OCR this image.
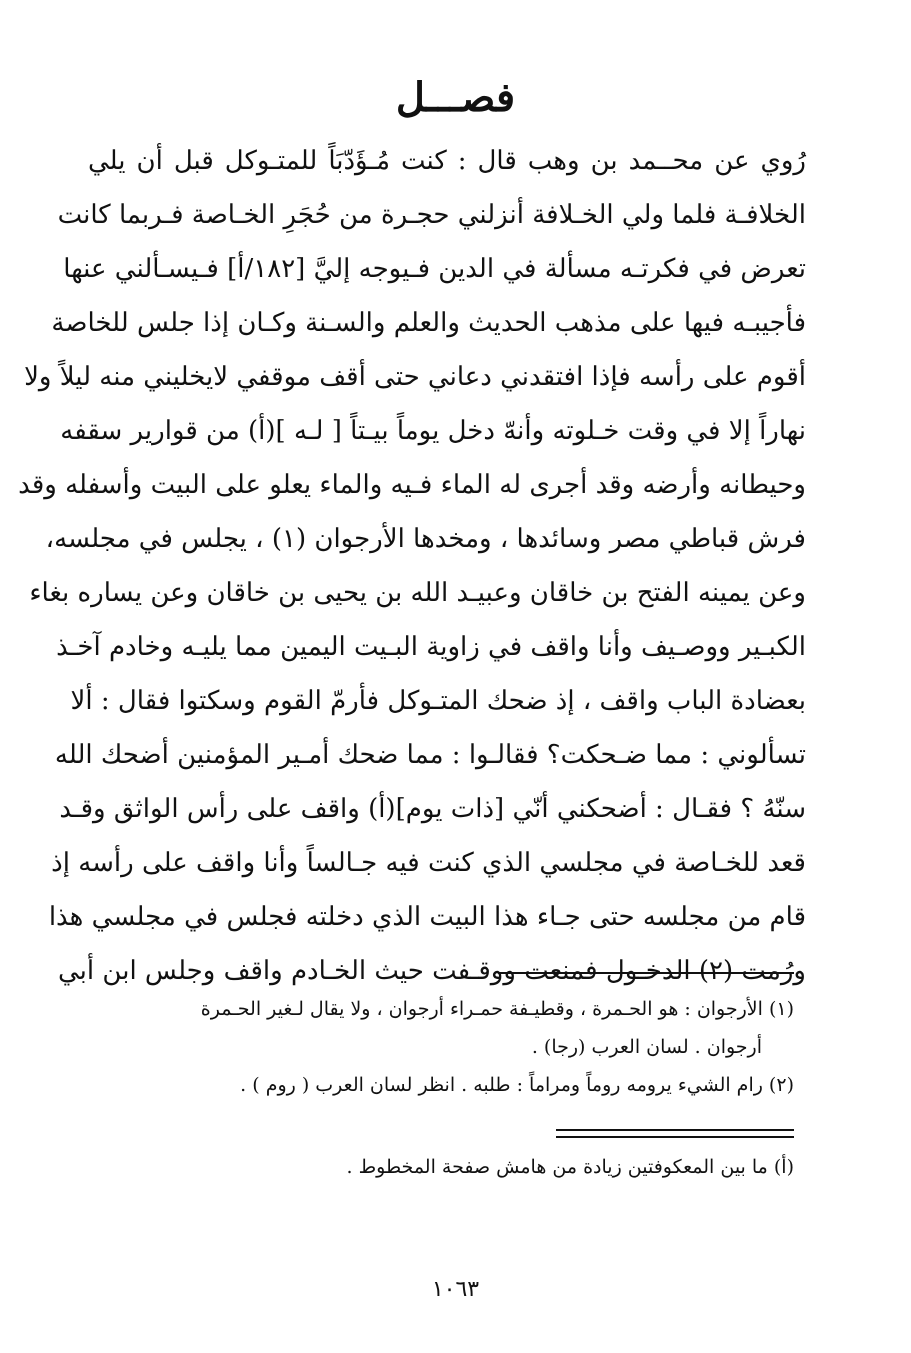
فصـــل
رُوي عن محــمد بن وهب قال : كنت مُـؤَدّبَاً للمتـوكل قبل أن يلي
الخلافـة فلما ولي الخـلافة أنزلني حجـرة من حُجَرِ الخـاصة فـربما كانت
تعرض في فكرتـه مسألة في الدين فـيوجه إليَّ [١٨٢/أ] فـيسـألني عنها
فأجيبـه فيها على مذهب الحديث والعلم والسـنة وكـان إذا جلس للخاصة
أقوم على رأسه فإذا افتقدني دعاني حتى أقف موقفي لايخليني منه ليلاً ولا
نهاراً إلا في وقت خـلوته وأنهّ دخل يوماً بيـتاً [ لـه ](أ) من قوارير سقفه
وحيطانه وأرضه وقد أجرى له الماء فـيه والماء يعلو على البيت وأسفله وقد
فرش قباطي مصر وسائدها ، ومخدها الأرجوان (١) ، يجلس في مجلسه،
وعن يمينه الفتح بن خاقان وعبيـد الله بن يحيى بن خاقان وعن يساره بغاء
الكبـير ووصـيف وأنا واقف في زاوية البـيت اليمين مما يليـه وخادم آخـذ
بعضادة الباب واقف ، إذ ضحك المتـوكل فأرمّ القوم وسكتوا فقال : ألا
تسألوني : مما ضـحكت؟ فقالـوا : مما ضحك أمـير المؤمنين أضحك الله
سنّهُ ؟ فقـال : أضحكني أنّي [ذات يوم](أ) واقف على رأس الواثق وقـد
قعد للخـاصة في مجلسي الذي كنت فيه جـالساً وأنا واقف على رأسه إذ
قام من مجلسه حتى جـاء هذا البيت الذي دخلته فجلس في مجلسي هذا
ورُمت (٢) الدخـول فمنعت ووقـفت حيث الخـادم واقف وجلس ابن أبي
(١) الأرجوان : هو الحـمرة ، وقطيـفة حمـراء أرجوان ، ولا يقال لـغير الحـمرة
أرجوان . لسان العرب (رجا) .
(٢) رام الشيء يرومه روماً ومراماً : طلبه . انظر لسان العرب ( روم ) .
(أ) ما بين المعكوفتين زيادة من هامش صفحة المخطوط .
١٠٦٣
